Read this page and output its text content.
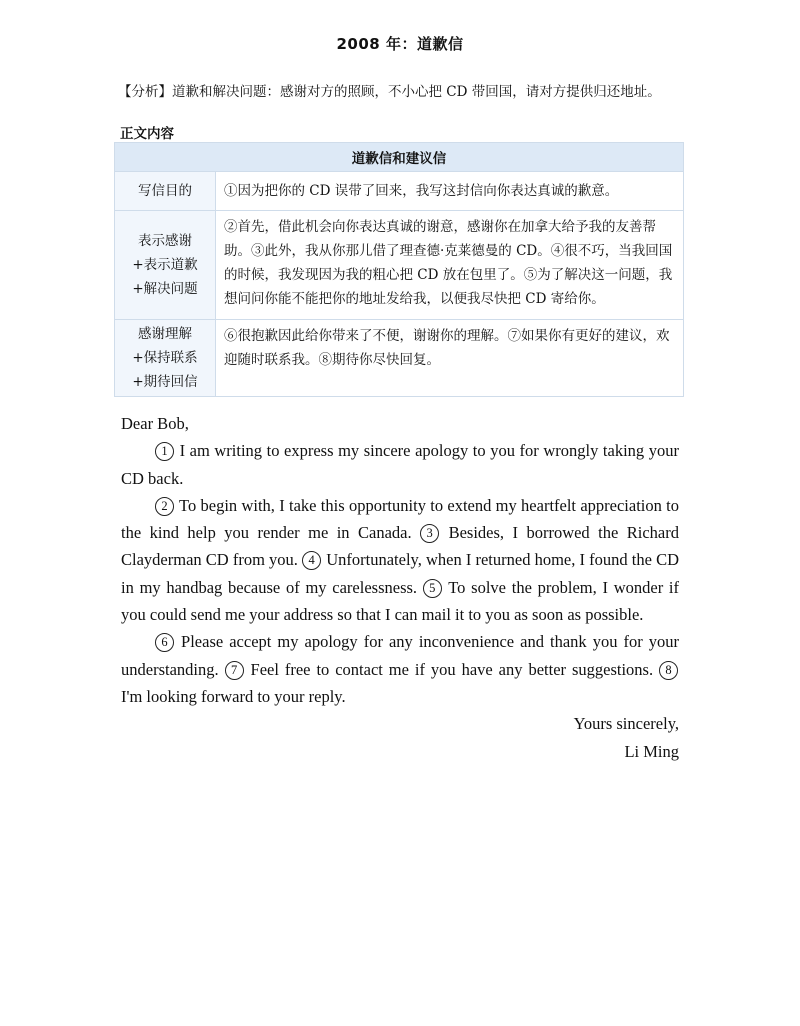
2008 年：道歉信
【分析】道歉和解决问题：感谢对方的照顾，不小心把 CD 带回国，请对方提供归还地址。
正文内容
道歉信和建议信	
写信目的	①因为把你的 CD 误带了回来，我写这封信向你表达真诚的歉意。

表示感谢
+表示道歉
+解决问题	②首先，借此机会向你表达真诚的谢意，感谢你在加拿大给予我的友善帮助。③此外，我从你那儿借了理查德·克莱德曼的 CD。④很不巧，当我回国的时候，我发现因为我的粗心把 CD 放在包里了。⑤为了解决这一问题，我想问问你能不能把你的地址发给我，以便我尽快把 CD 寄给你。

感谢理解
+保持联系
+期待回信	⑥很抱歉因此给你带来了不便，谢谢你的理解。⑦如果你有更好的建议，欢迎随时联系我。⑧期待你尽快回复。

Dear Bob,

1 I am writing to express my sincere apology to you for wrongly taking your CD back.

2 To begin with, I take this opportunity to extend my heartfelt appreciation to the kind help you render me in Canada. 3 Besides, I borrowed the Richard Clayderman CD from you. 4 Unfortunately, when I returned home, I found the CD in my handbag because of my carelessness. 5 To solve the problem, I wonder if you could send me your address so that I can mail it to you as soon as possible.

6 Please accept my apology for any inconvenience and thank you for your understanding. 7 Feel free to contact me if you have any better suggestions. 8 I'm looking forward to your reply.

Yours sincerely,

Li Ming
